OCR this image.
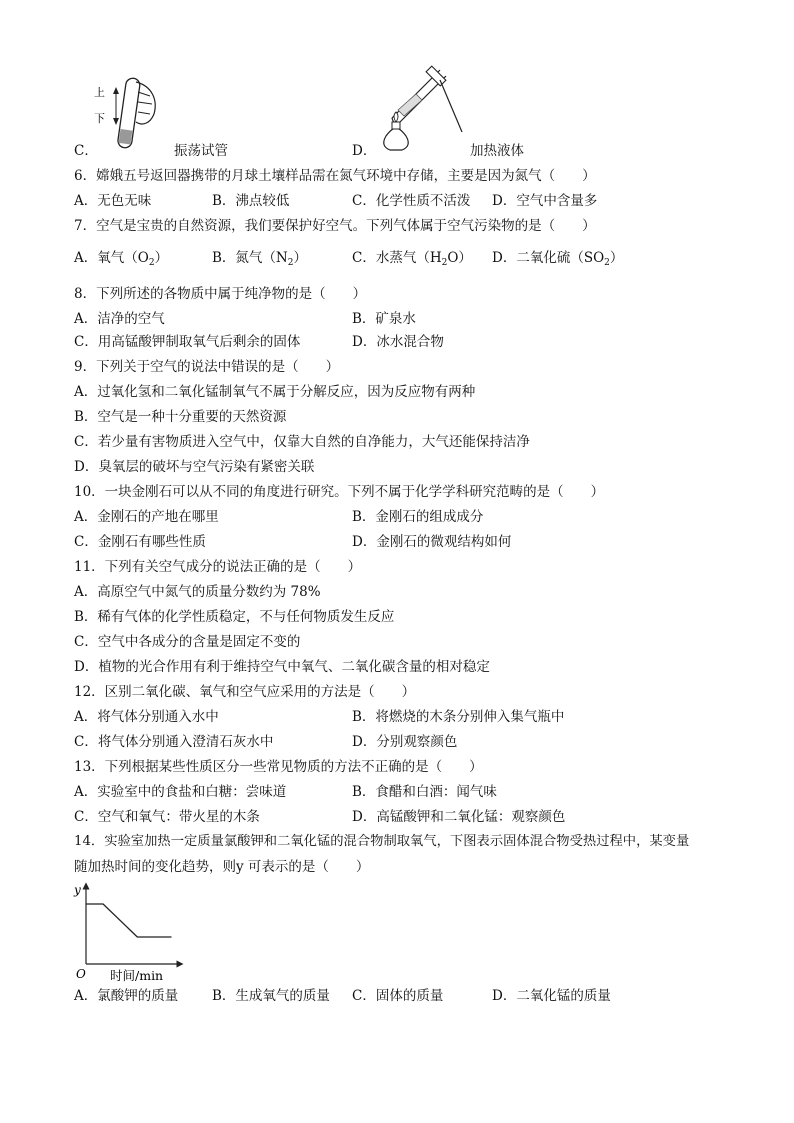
上
下
C．	振荡试管	D．	加热液体
6．嫦娥五号返回器携带的月球土壤样品需在氮气环境中存储，主要是因为氮气（　　）
A．无色无味	B．沸点较低	C．化学性质不活泼 D．空气中含量多
7．空气是宝贵的自然资源，我们要保护好空气。下列气体属于空气污染物的是（　　）
A．氧气$(O_2)$	B．氮气$(N_2)$	C．水蒸气$(H_2O)$ D．二氧化硫$(SO_2)$
8．下列所述的各物质中属于纯净物的是（　　）
A．洁净的空气	B．矿泉水
C．用高锰酸钾制取氧气后剩余的固体	D．冰水混合物
9．下列关于空气的说法中错误的是（　　）
A．过氧化氢和二氧化锰制氧气不属于分解反应，因为反应物有两种
B．空气是一种十分重要的天然资源
C．若少量有害物质进入空气中，仅靠大自然的自净能力，大气还能保持洁净
D．臭氧层的破坏与空气污染有紧密关联
10．一块金刚石可以从不同的角度进行研究。下列不属于化学学科研究范畴的是（　　）
A．金刚石的产地在哪里	B．金刚石的组成成分
C．金刚石有哪些性质	D．金刚石的微观结构如何
11．下列有关空气成分的说法正确的是（　　）
A．高原空气中氮气的质量分数约为 78%
B．稀有气体的化学性质稳定，不与任何物质发生反应
C．空气中各成分的含量是固定不变的
D．植物的光合作用有利于维持空气中氧气、二氧化碳含量的相对稳定
12．区别二氧化碳、氧气和空气应采用的方法是（　　）
A．将气体分别通入水中	B．将燃烧的木条分别伸入集气瓶中
C．将气体分别通入澄清石灰水中	D．分别观察颜色
13．下列根据某些性质区分一些常见物质的方法不正确的是（　　）
A．实验室中的食盐和白糖：尝味道	B．食醋和白酒：闻气味
C．空气和氧气：带火星的木条	D．高锰酸钾和二氧化锰：观察颜色
14．实验室加热一定质量氯酸钾和二氧化锰的混合物制取氧气，下图表示固体混合物受热过程中，某变量
随加热时间的变化趋势，则y 可表示的是（　　）
y
O 时间/min
A．氯酸钾的质量	B．生成氧气的质量 C．固体的质量	D．二氧化锰的质量
